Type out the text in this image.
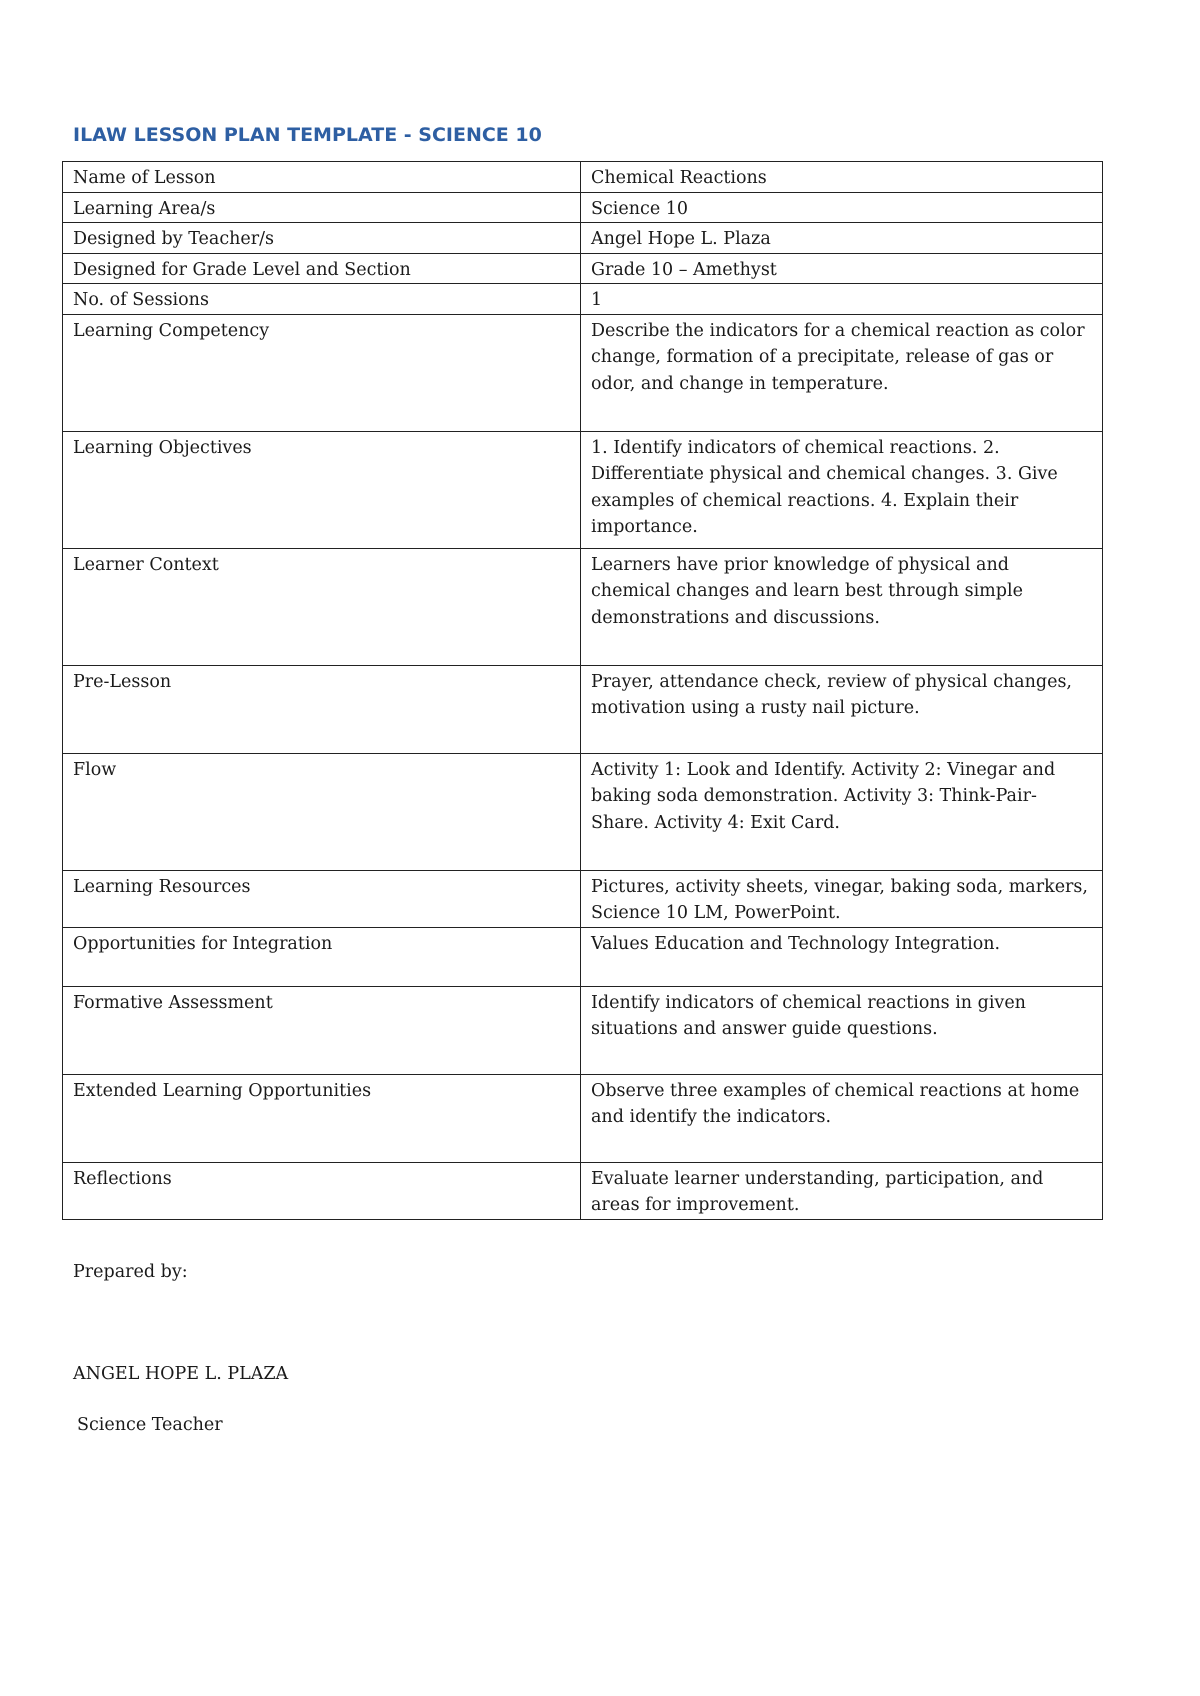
ILAW LESSON PLAN TEMPLATE - SCIENCE 10
Name of Lesson	Chemical Reactions
Learning Area/s	Science 10
Designed by Teacher/s	Angel Hope L. Plaza
Designed for Grade Level and Section	Grade 10 – Amethyst
No. of Sessions	1
Learning Competency	Describe the indicators for a chemical reaction as color change, formation of a precipitate, release of gas or odor, and change in temperature.
Learning Objectives	1. Identify indicators of chemical reactions. 2. Differentiate physical and chemical changes. 3. Give examples of chemical reactions. 4. Explain their importance.
Learner Context	Learners have prior knowledge of physical and chemical changes and learn best through simple demonstrations and discussions.
Pre-Lesson	Prayer, attendance check, review of physical changes, motivation using a rusty nail picture.
Flow	Activity 1: Look and Identify. Activity 2: Vinegar and baking soda demonstration. Activity 3: Think-Pair-Share. Activity 4: Exit Card.
Learning Resources	Pictures, activity sheets, vinegar, baking soda, markers, Science 10 LM, PowerPoint.
Opportunities for Integration	Values Education and Technology Integration.
Formative Assessment	Identify indicators of chemical reactions in given situations and answer guide questions.
Extended Learning Opportunities	Observe three examples of chemical reactions at home and identify the indicators.
Reflections	Evaluate learner understanding, participation, and areas for improvement.
Prepared by:
ANGEL HOPE L. PLAZA
Science Teacher
